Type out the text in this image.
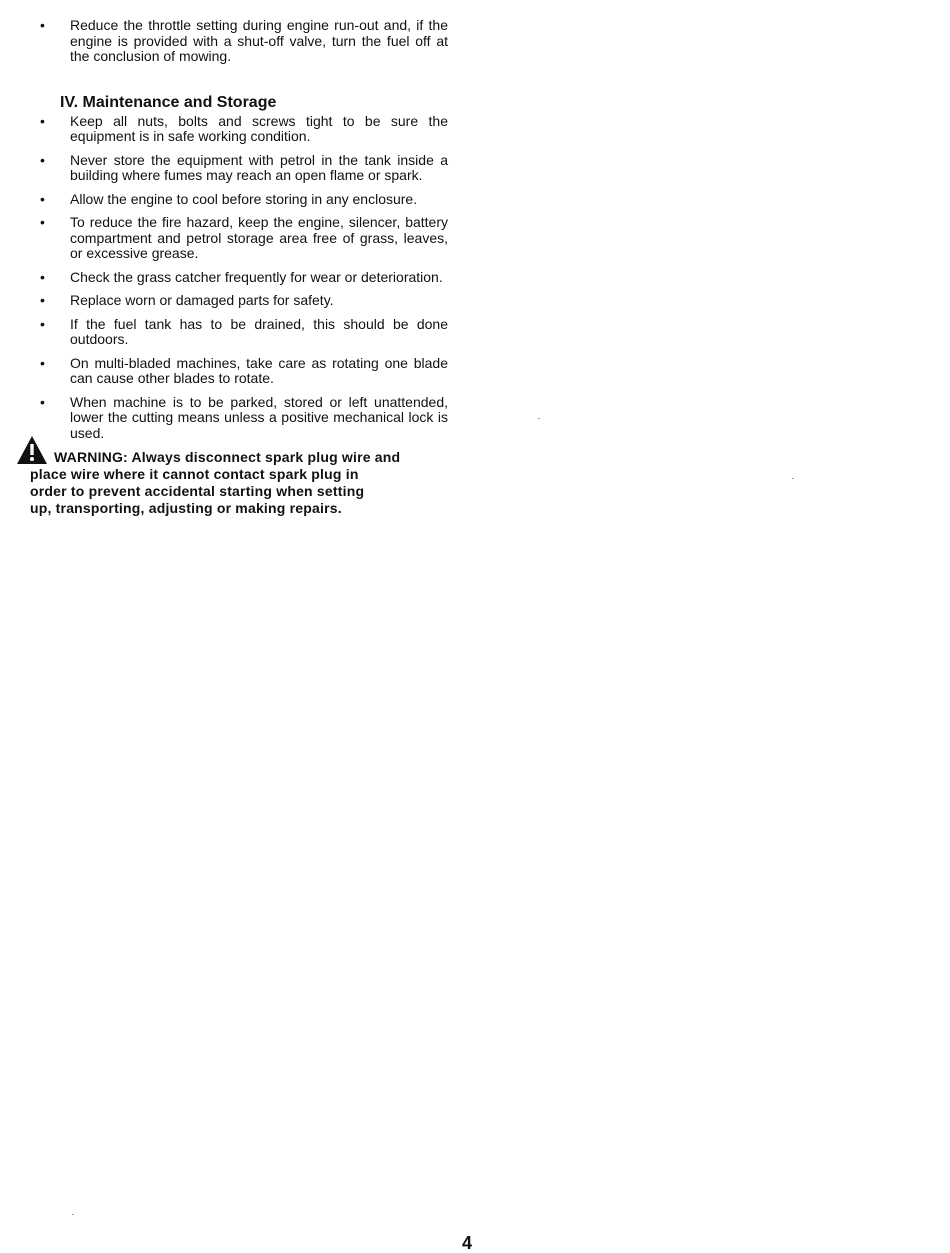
•	Reduce the throttle setting during engine run-out and, if the engine is provided with a shut-off valve, turn the fuel off at the conclusion of mowing.
IV. Maintenance and Storage
•	Keep all nuts, bolts and screws tight to be sure the equipment is in safe working condition.
•	Never store the equipment with petrol in the tank inside a building where fumes may reach an open flame or spark.
•	Allow the engine to cool before storing in any enclosure.
•	To reduce the fire hazard, keep the engine, silencer, battery compartment and petrol storage area free of grass, leaves, or excessive grease.
•	Check the grass catcher frequently for wear or deterioration.
•	Replace worn or damaged parts for safety.
•	If the fuel tank has to be drained, this should be done outdoors.
•	On multi-bladed machines, take care as rotating one blade can cause other blades to rotate.
•	When machine is to be parked, stored or left unattended, lower the cutting means unless a positive mechanical lock is used.
WARNING: Always disconnect spark plug wire and
place wire where it cannot contact spark plug in
order to prevent accidental starting when setting
up, transporting, adjusting or making repairs.
4
